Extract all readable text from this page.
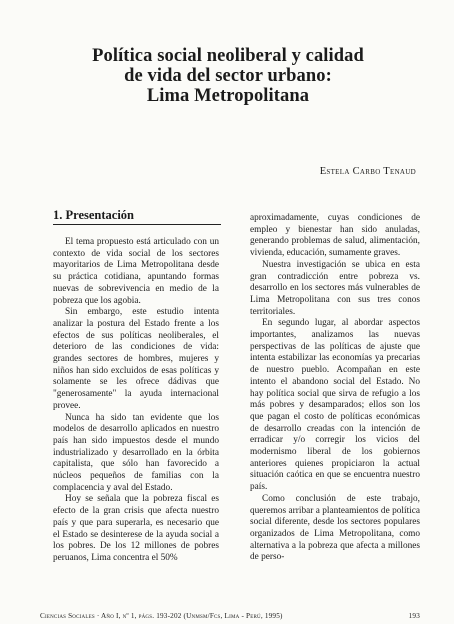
Política social neoliberal y calidad
de vida del sector urbano:
Lima Metropolitana
Estela Carbo Tenaud
1. Presentación

El tema propuesto está articulado con un contexto de vida social de los sectores mayoritarios de Lima Metropolitana desde su práctica cotidiana, apuntando formas nuevas de sobrevivencia en medio de la pobreza que los agobia.

Sin embargo, este estudio intenta analizar la postura del Estado frente a los efectos de sus políticas neoliberales, el deterioro de las condiciones de vida: grandes sectores de hombres, mujeres y niños han sido excluidos de esas políticas y solamente se les ofrece dádivas que "generosamente" la ayuda internacional provee.

Nunca ha sido tan evidente que los modelos de desarrollo aplicados en nuestro país han sido impuestos desde el mundo industrializado y desarrollado en la órbita capitalista, que sólo han favorecido a núcleos pequeños de familias con la complacencia y aval del Estado.

Hoy se señala que la pobreza fiscal es efecto de la gran crisis que afecta nuestro país y que para superarla, es necesario que el Estado se desinterese de la ayuda social a los pobres. De los 12 millones de pobres peruanos, Lima concentra el 50%

aproximadamente, cuyas condiciones de empleo y bienestar han sido anuladas, generando problemas de salud, alimentación, vivienda, educación, sumamente graves.

Nuestra investigación se ubica en esta gran contradicción entre pobreza vs. desarrollo en los sectores más vulnerables de Lima Metropolitana con sus tres conos territoriales.

En segundo lugar, al abordar aspectos importantes, analizamos las nuevas perspectivas de las políticas de ajuste que intenta estabilizar las economías ya precarias de nuestro pueblo. Acompañan en este intento el abandono social del Estado. No hay política social que sirva de refugio a los más pobres y desamparados; ellos son los que pagan el costo de políticas económicas de desarrollo creadas con la intención de erradicar y/o corregir los vicios del modernismo liberal de los gobiernos anteriores quienes propiciaron la actual situación caótica en que se encuentra nuestro país.

Como conclusión de este trabajo, queremos arribar a planteamientos de política social diferente, desde los sectores populares organizados de Lima Metropolitana, como alternativa a la pobreza que afecta a millones de perso-

Ciencias Sociales · Año I, nº 1, págs. 193-202 (Unmsm/Fcs, Lima - Perú, 1995)	193
